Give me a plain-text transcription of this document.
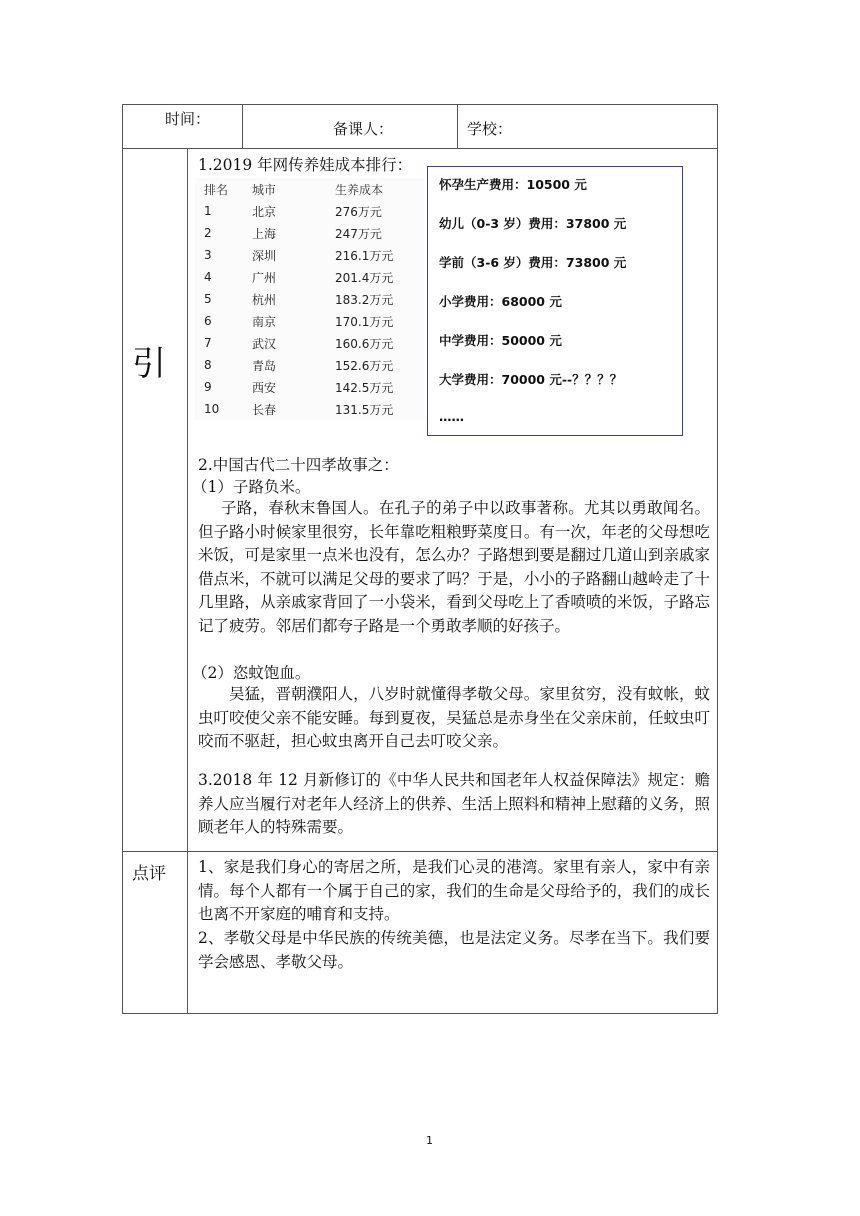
时间：
备课人：	学校：
引
1.2019 年网传养娃成本排行：
排名	城市	生养成本
1	北京	276万元
2	上海	247万元
3	深圳	216.1万元
4	广州	201.4万元
5	杭州	183.2万元
6	南京	170.1万元
7	武汉	160.6万元
8	青岛	152.6万元
9	西安	142.5万元
10	长春	131.5万元
怀孕生产费用：10500 元
幼儿（0-3 岁）费用：37800 元
学前（3-6 岁）费用：73800 元
小学费用：68000 元
中学费用：50000 元
大学费用：70000 元--？？？？
……
2.中国古代二十四孝故事之：
（1）子路负米。
子路，春秋末鲁国人。在孔子的弟子中以政事著称。尤其以勇敢闻名。但子路小时候家里很穷，长年靠吃粗粮野菜度日。有一次，年老的父母想吃米饭，可是家里一点米也没有，怎么办？子路想到要是翻过几道山到亲戚家借点米，不就可以满足父母的要求了吗？于是，小小的子路翻山越岭走了十几里路，从亲戚家背回了一小袋米，看到父母吃上了香喷喷的米饭，子路忘记了疲劳。邻居们都夸子路是一个勇敢孝顺的好孩子。
（2）恣蚊饱血。
吴猛，晋朝濮阳人，八岁时就懂得孝敬父母。家里贫穷，没有蚊帐，蚊虫叮咬使父亲不能安睡。每到夏夜，吴猛总是赤身坐在父亲床前，任蚊虫叮咬而不驱赶，担心蚊虫离开自己去叮咬父亲。
3.2018 年 12 月新修订的《中华人民共和国老年人权益保障法》规定：赡养人应当履行对老年人经济上的供养、生活上照料和精神上慰藉的义务，照顾老年人的特殊需要。
点评 1、家是我们身心的寄居之所，是我们心灵的港湾。家里有亲人，家中有亲情。每个人都有一个属于自己的家，我们的生命是父母给予的，我们的成长也离不开家庭的哺育和支持。
2、孝敬父母是中华民族的传统美德，也是法定义务。尽孝在当下。我们要学会感恩、孝敬父母。
1
